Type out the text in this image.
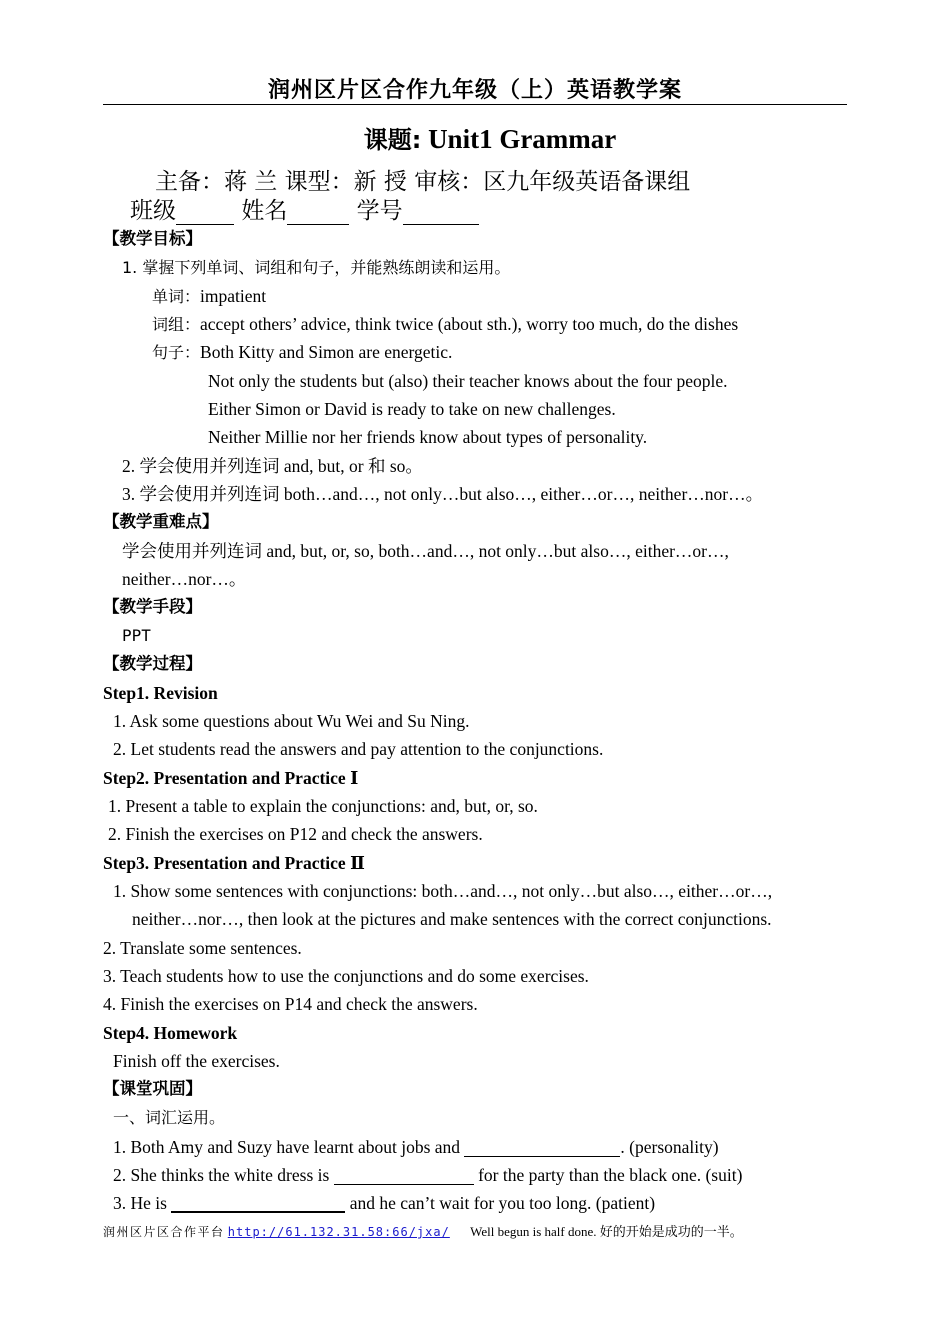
润州区片区合作九年级（上）英语教学案
课题: Unit1 Grammar
主备：蒋 兰 课型：新 授 审核：区九年级英语备课组
班级	姓名	学号
【教学目标】
1. 掌握下列单词、词组和句子，并能熟练朗读和运用。
单词：impatient
词组：accept others’ advice, think twice (about sth.), worry too much, do the dishes
句子：Both Kitty and Simon are energetic.
Not only the students but (also) their teacher knows about the four people.
Either Simon or David is ready to take on new challenges.
Neither Millie nor her friends know about types of personality.
2. 学会使用并列连词 and, but, or 和 so。
3. 学会使用并列连词 both…and…, not only…but also…, either…or…, neither…nor…。
【教学重难点】
学会使用并列连词 and, but, or, so, both…and…, not only…but also…, either…or…,
neither…nor…。
【教学手段】
PPT
【教学过程】
Step1. Revision
1. Ask some questions about Wu Wei and Su Ning.
2. Let students read the answers and pay attention to the conjunctions.
Step2. Presentation and Practice Ⅰ
1. Present a table to explain the conjunctions: and, but, or, so.
2. Finish the exercises on P12 and check the answers.
Step3. Presentation and Practice Ⅱ
1. Show some sentences with conjunctions: both…and…, not only…but also…, either…or…,
neither…nor…, then look at the pictures and make sentences with the correct conjunctions.
2. Translate some sentences.
3. Teach students how to use the conjunctions and do some exercises.
4. Finish the exercises on P14 and check the answers.
Step4. Homework
Finish off the exercises.
【课堂巩固】
一、词汇运用。
1. Both Amy and Suzy have learnt about jobs and	. (personality)
2. She thinks the white dress is	for the party than the black one. (suit)
3. He is	and he can’t wait for you too long. (patient)
润州区片区合作平台 http://61.132.31.58:66/jxa/ Well begun is half done. 好的开始是成功的一半。
